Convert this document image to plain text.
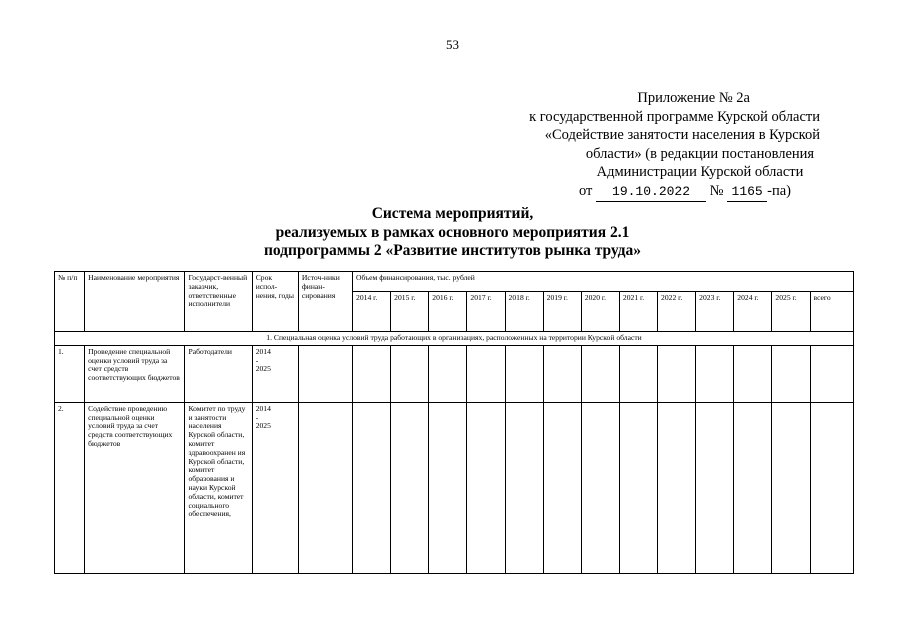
53
Приложение № 2а
к государственной программе Курской области
«Содействие занятости населения в Курской
области» (в редакции постановления
Администрации Курской области
от 19.10.2022 № 1165 -па)
Система мероприятий,
реализуемых в рамках основного мероприятия 2.1
подпрограммы 2 «Развитие институтов рынка труда»
№ п/п	Наименование мероприятия	Государст-венный заказчик, ответственные исполнители	Срок испол-нения, годы	Источ-ники финан-сирования	Объем финансирования, тыс. рублей												
					2014 г.	2015 г.	2016 г.	2017 г.	2018 г.	2019 г.	2020 г.	2021 г.	2022 г.	2023 г.	2024 г.	2025 г.	всего
1. Специальная оценка условий труда работающих в организациях, расположенных на территории Курской области																	
1.	Проведение специальной оценки условий труда за счет средств соответствующих бюджетов	Работодатели	2014
-
2025														
2.	Содействие проведению специальной оценки условий труда за счет средств соответствующих бюджетов	Комитет по труду и занятости населения Курской области, комитет здравоохранен ия Курской области, комитет образования и науки Курской области, комитет социального обеспечения,	2014
-
2025														
